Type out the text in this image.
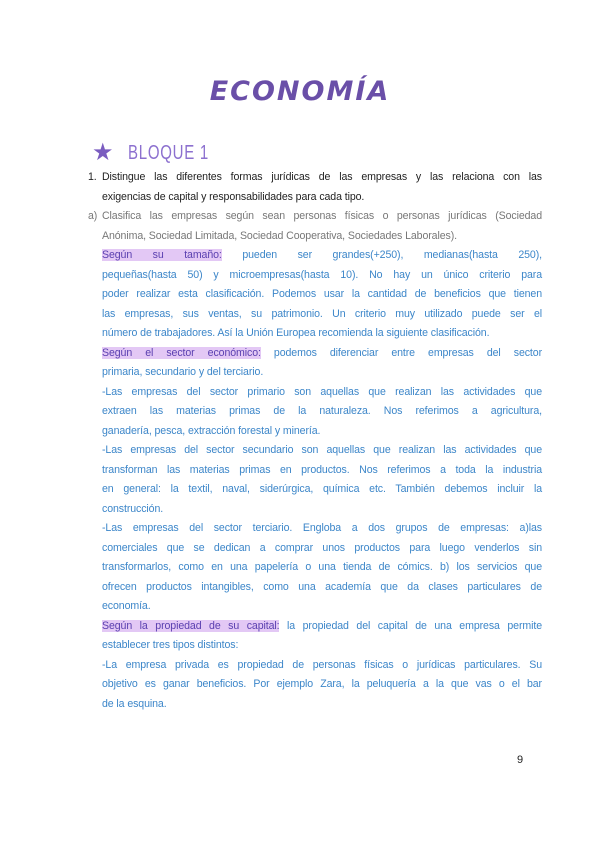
ECONOMÍA
★ BLOQUE 1
1. Distingue las diferentes formas jurídicas de las empresas y las relaciona con las
exigencias de capital y responsabilidades para cada tipo.
a) Clasifica las empresas según sean personas físicas o personas jurídicas (Sociedad
Anónima, Sociedad Limitada, Sociedad Cooperativa, Sociedades Laborales).
Según su tamaño: pueden ser grandes(+250), medianas(hasta 250),
pequeñas(hasta 50) y microempresas(hasta 10). No hay un único criterio para
poder realizar esta clasificación. Podemos usar la cantidad de beneficios que tienen
las empresas, sus ventas, su patrimonio. Un criterio muy utilizado puede ser el
número de trabajadores. Así la Unión Europea recomienda la siguiente clasificación.
Según el sector económico: podemos diferenciar entre empresas del sector
primaria, secundario y del terciario.
-Las empresas del sector primario son aquellas que realizan las actividades que
extraen las materias primas de la naturaleza. Nos referimos a agricultura,
ganadería, pesca, extracción forestal y minería.
-Las empresas del sector secundario son aquellas que realizan las actividades que
transforman las materias primas en productos. Nos referimos a toda la industria
en general: la textil, naval, siderúrgica, química etc. También debemos incluir la
construcción.
-Las empresas del sector terciario. Engloba a dos grupos de empresas: a)las
comerciales que se dedican a comprar unos productos para luego venderlos sin
transformarlos, como en una papelería o una tienda de cómics. b) los servicios que
ofrecen productos intangibles, como una academía que da clases particulares de
economía.
Según la propiedad de su capital: la propiedad del capital de una empresa permite
establecer tres tipos distintos:
-La empresa privada es propiedad de personas físicas o jurídicas particulares. Su
objetivo es ganar beneficios. Por ejemplo Zara, la peluquería a la que vas o el bar
de la esquina.
9
